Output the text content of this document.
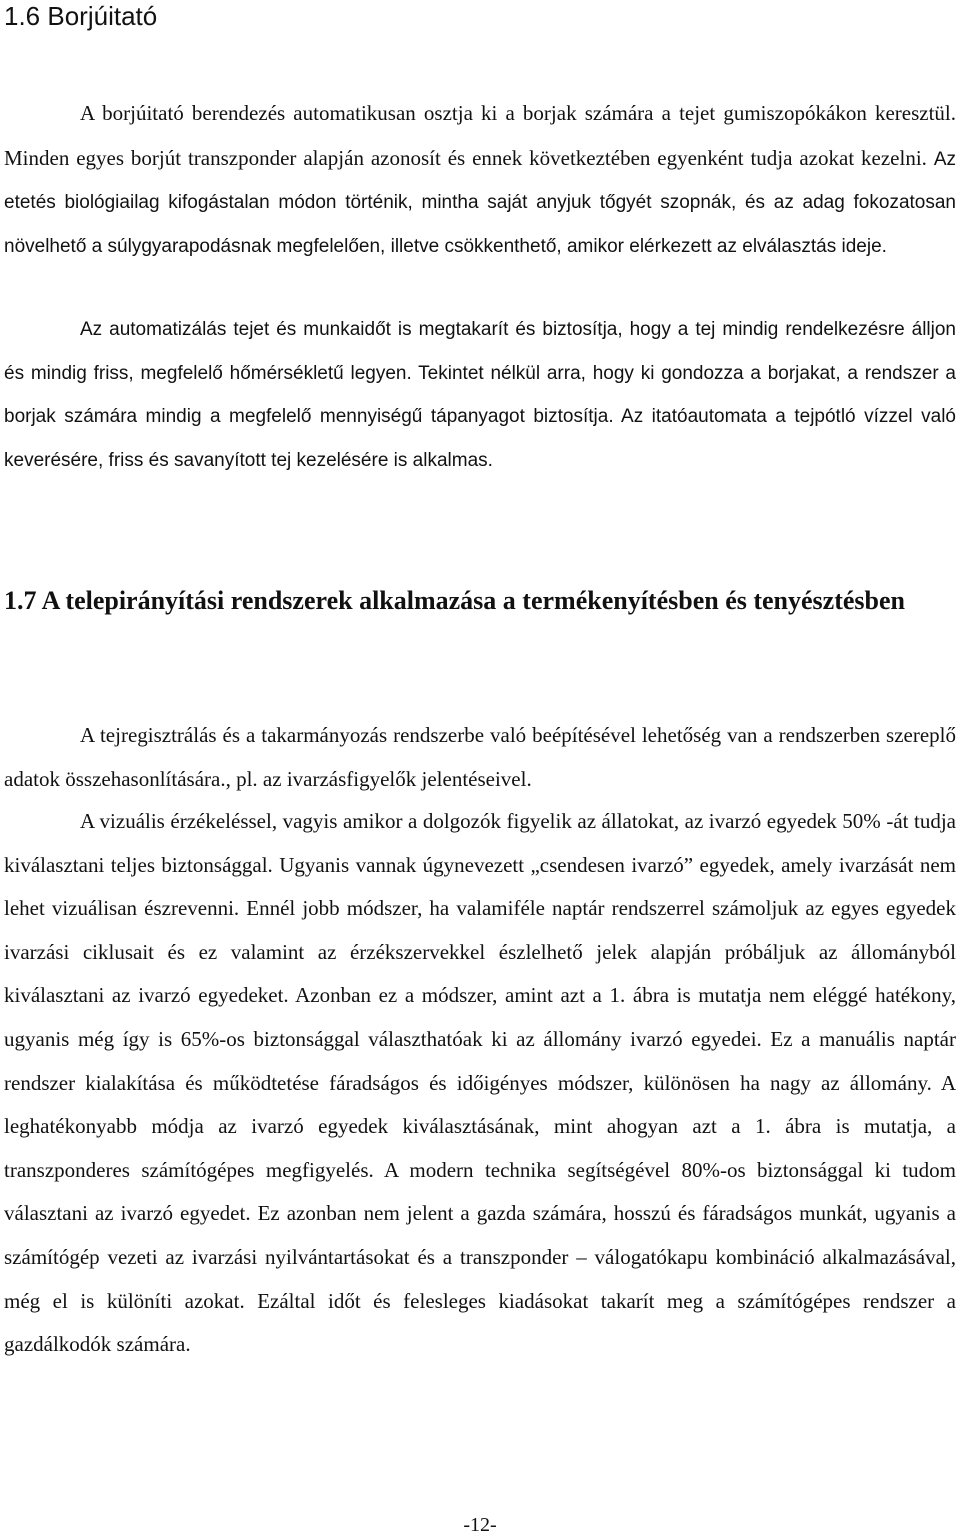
1.6 Borjúitató

A borjúitató berendezés automatikusan osztja ki a borjak számára a tejet gumiszopókákon keresztül. Minden egyes borjút transzponder alapján azonosít és ennek következtében egyenként tudja azokat kezelni. Az etetés biológiailag kifogástalan módon történik, mintha saját anyjuk tőgyét szopnák, és az adag fokozatosan növelhető a súlygyarapodásnak megfelelően, illetve csökkenthető, amikor elérkezett az elválasztás ideje.

Az automatizálás tejet és munkaidőt is megtakarít és biztosítja, hogy a tej mindig rendelkezésre álljon és mindig friss, megfelelő hőmérsékletű legyen. Tekintet nélkül arra, hogy ki gondozza a borjakat, a rendszer a borjak számára mindig a megfelelő mennyiségű tápanyagot biztosítja. Az itatóautomata a tejpótló vízzel való keverésére, friss és savanyított tej kezelésére is alkalmas.

1.7 A telepirányítási rendszerek alkalmazása a termékenyítésben és tenyésztésben

A tejregisztrálás és a takarmányozás rendszerbe való beépítésével lehetőség van a rendszerben szereplő adatok összehasonlítására., pl. az ivarzásfigyelők jelentéseivel.

A vizuális érzékeléssel, vagyis amikor a dolgozók figyelik az állatokat, az ivarzó egyedek 50% -át tudja kiválasztani teljes biztonsággal. Ugyanis vannak úgynevezett „csendesen ivarzó” egyedek, amely ivarzását nem lehet vizuálisan észrevenni. Ennél jobb módszer, ha valamiféle naptár rendszerrel számoljuk az egyes egyedek ivarzási ciklusait és ez valamint az érzékszervekkel észlelhető jelek alapján próbáljuk az állományból kiválasztani az ivarzó egyedeket. Azonban ez a módszer, amint azt a 1. ábra is mutatja nem eléggé hatékony, ugyanis még így is 65%-os biztonsággal választhatóak ki az állomány ivarzó egyedei. Ez a manuális naptár rendszer kialakítása és működtetése fáradságos és időigényes módszer, különösen ha nagy az állomány. A leghatékonyabb módja az ivarzó egyedek kiválasztásának, mint ahogyan azt a 1. ábra is mutatja, a transzponderes számítógépes megfigyelés. A modern technika segítségével 80%-os biztonsággal ki tudom választani az ivarzó egyedet. Ez azonban nem jelent a gazda számára, hosszú és fáradságos munkát, ugyanis a számítógép vezeti az ivarzási nyilvántartásokat és a transzponder – válogatókapu kombináció alkalmazásával, még el is különíti azokat. Ezáltal időt és felesleges kiadásokat takarít meg a számítógépes rendszer a gazdálkodók számára.

-12-
